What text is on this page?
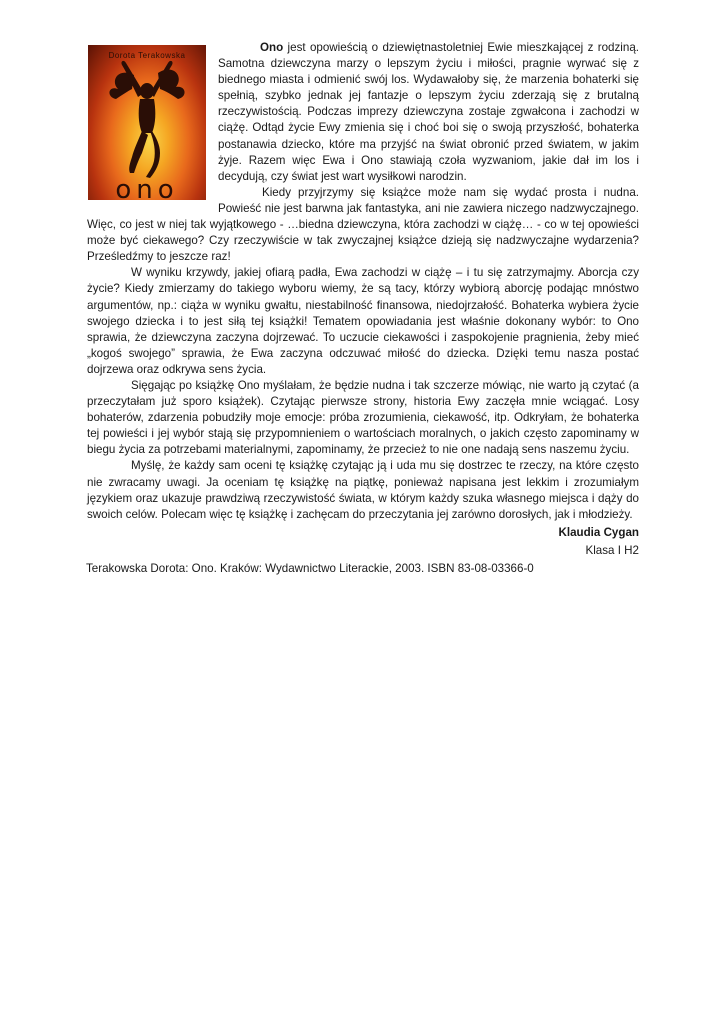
Dorota Terakowska
ono

Ono jest opowieścią o dziewiętnastoletniej Ewie mieszkającej z rodziną. Samotna dziewczyna marzy o lepszym życiu i miłości, pragnie wyrwać się z biednego miasta i odmienić swój los. Wydawałoby się, że marzenia bohaterki się spełnią, szybko jednak jej fantazje o lepszym życiu zderzają się z brutalną rzeczywistością. Podczas imprezy dziewczyna zostaje zgwałcona i zachodzi w ciążę. Odtąd życie Ewy zmienia się i choć boi się o swoją przyszłość, bohaterka postanawia dziecko, które ma przyjść na świat obronić przed światem, w jakim żyje. Razem więc Ewa i Ono stawiają czoła wyzwaniom, jakie dał im los i decydują, czy świat jest wart wysiłkowi narodzin.

Kiedy przyjrzymy się książce może nam się wydać prosta i nudna. Powieść nie jest barwna jak fantastyka, ani nie zawiera niczego nadzwyczajnego. Więc, co jest w niej tak wyjątkowego - …biedna dziewczyna, która zachodzi w ciążę… - co w tej opowieści może być ciekawego? Czy rzeczywiście w tak zwyczajnej książce dzieją się nadzwyczajne wydarzenia? Prześledźmy to jeszcze raz!

W wyniku krzywdy, jakiej ofiarą padła, Ewa zachodzi w ciążę – i tu się zatrzymajmy. Aborcja czy życie? Kiedy zmierzamy do takiego wyboru wiemy, że są tacy, którzy wybiorą aborcję podając mnóstwo argumentów, np.: ciąża w wyniku gwałtu, niestabilność finansowa, niedojrzałość. Bohaterka wybiera życie swojego dziecka i to jest siłą tej książki! Tematem opowiadania jest właśnie dokonany wybór: to Ono sprawia, że dziewczyna zaczyna dojrzewać. To uczucie ciekawości i zaspokojenie pragnienia, żeby mieć „kogoś swojego” sprawia, że Ewa zaczyna odczuwać miłość do dziecka. Dzięki temu nasza postać dojrzewa oraz odkrywa sens życia.

Sięgając po książkę Ono myślałam, że będzie nudna i tak szczerze mówiąc, nie warto ją czytać (a przeczytałam już sporo książek). Czytając pierwsze strony, historia Ewy zaczęła mnie wciągać. Losy bohaterów, zdarzenia pobudziły moje emocje: próba zrozumienia, ciekawość, itp. Odkryłam, że bohaterka tej powieści i jej wybór stają się przypomnieniem o wartościach moralnych, o jakich często zapominamy w biegu życia za potrzebami materialnymi, zapominamy, że przecież to nie one nadają sens naszemu życiu.

Myślę, że każdy sam oceni tę książkę czytając ją i uda mu się dostrzec te rzeczy, na które często nie zwracamy uwagi. Ja oceniam tę książkę na piątkę, ponieważ napisana jest lekkim i zrozumiałym językiem oraz ukazuje prawdziwą rzeczywistość świata, w którym każdy szuka własnego miejsca i dąży do swoich celów. Polecam więc tę książkę i zachęcam do przeczytania jej zarówno dorosłych, jak i młodzieży.

Klaudia Cygan

Klasa I H2

Terakowska Dorota: Ono. Kraków: Wydawnictwo Literackie, 2003. ISBN 83-08-03366-0
